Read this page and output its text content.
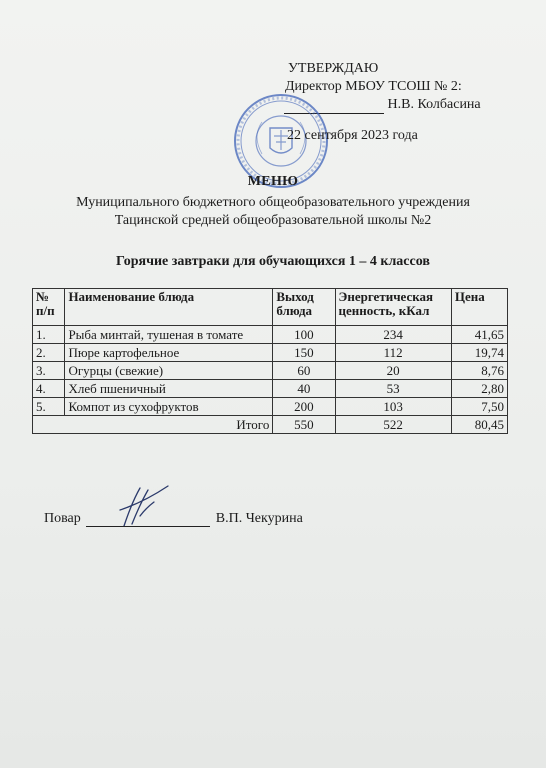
УТВЕРЖДАЮ
Директор МБОУ ТСОШ № 2:
Н.В. Колбасина
22 сентября 2023 года
МЕНЮ
Муниципального бюджетного общеобразовательного учреждения
Тацинской средней общеобразовательной школы №2
Горячие завтраки для обучающихся 1 – 4 классов
№ п/п	Наименование блюда	Выход блюда	Энергетическая ценность, кКал	Цена
1.	Рыба минтай, тушеная в томате	100	234	41,65
2.	Пюре картофельное	150	112	19,74
3.	Огурцы (свежие)	60	20	8,76
4.	Хлеб пшеничный	40	53	2,80
5.	Компот из сухофруктов	200	103	7,50
Итого		550	522	80,45
Повар	В.П. Чекурина
